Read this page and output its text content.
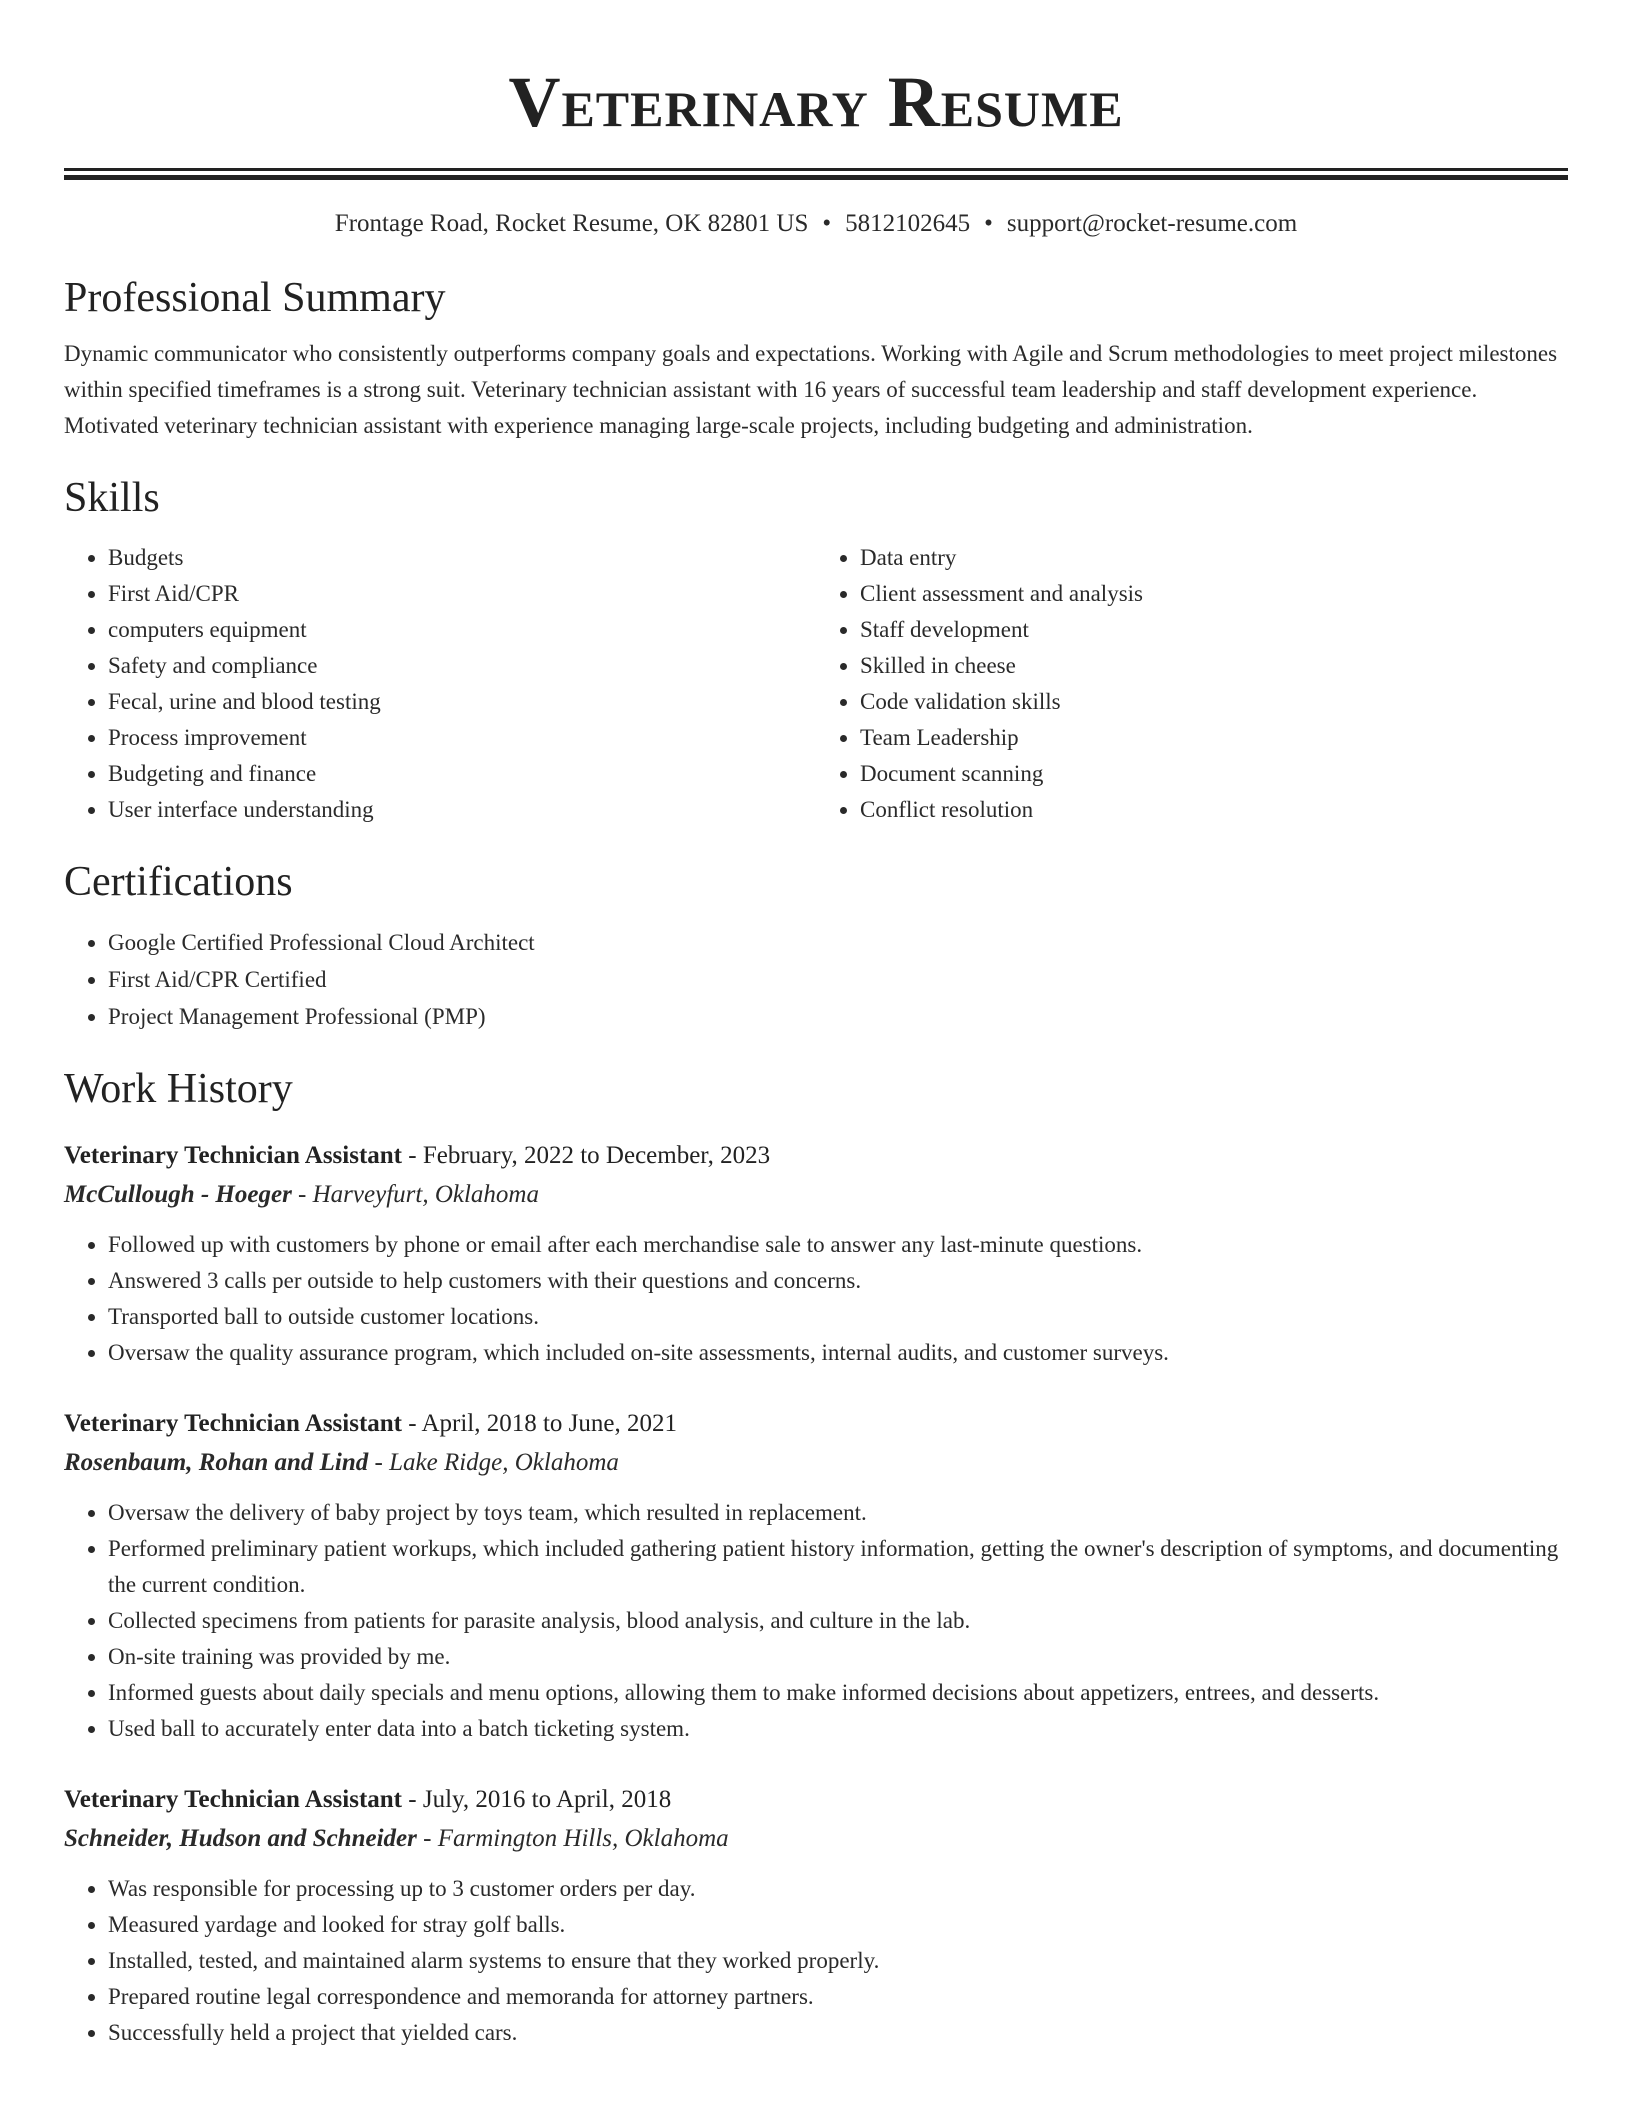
Veterinary Resume
Frontage Road, Rocket Resume, OK 82801 US • 5812102645 • support@rocket-resume.com
Professional Summary
Dynamic communicator who consistently outperforms company goals and expectations. Working with Agile and Scrum methodologies to meet project milestones within specified timeframes is a strong suit. Veterinary technician assistant with 16 years of successful team leadership and staff development experience. Motivated veterinary technician assistant with experience managing large-scale projects, including budgeting and administration.
Skills
• Budgets
• First Aid/CPR
• computers equipment
• Safety and compliance
• Fecal, urine and blood testing
• Process improvement
• Budgeting and finance
• User interface understanding
• Data entry
• Client assessment and analysis
• Staff development
• Skilled in cheese
• Code validation skills
• Team Leadership
• Document scanning
• Conflict resolution
Certifications
• Google Certified Professional Cloud Architect
• First Aid/CPR Certified
• Project Management Professional (PMP)
Work History
Veterinary Technician Assistant - February, 2022 to December, 2023
McCullough - Hoeger - Harveyfurt, Oklahoma
• Followed up with customers by phone or email after each merchandise sale to answer any last-minute questions.
• Answered 3 calls per outside to help customers with their questions and concerns.
• Transported ball to outside customer locations.
• Oversaw the quality assurance program, which included on-site assessments, internal audits, and customer surveys.
Veterinary Technician Assistant - April, 2018 to June, 2021
Rosenbaum, Rohan and Lind - Lake Ridge, Oklahoma
• Oversaw the delivery of baby project by toys team, which resulted in replacement.
• Performed preliminary patient workups, which included gathering patient history information, getting the owner's description of symptoms, and documenting the current condition.
• Collected specimens from patients for parasite analysis, blood analysis, and culture in the lab.
• On-site training was provided by me.
• Informed guests about daily specials and menu options, allowing them to make informed decisions about appetizers, entrees, and desserts.
• Used ball to accurately enter data into a batch ticketing system.
Veterinary Technician Assistant - July, 2016 to April, 2018
Schneider, Hudson and Schneider - Farmington Hills, Oklahoma
• Was responsible for processing up to 3 customer orders per day.
• Measured yardage and looked for stray golf balls.
• Installed, tested, and maintained alarm systems to ensure that they worked properly.
• Prepared routine legal correspondence and memoranda for attorney partners.
• Successfully held a project that yielded cars.
